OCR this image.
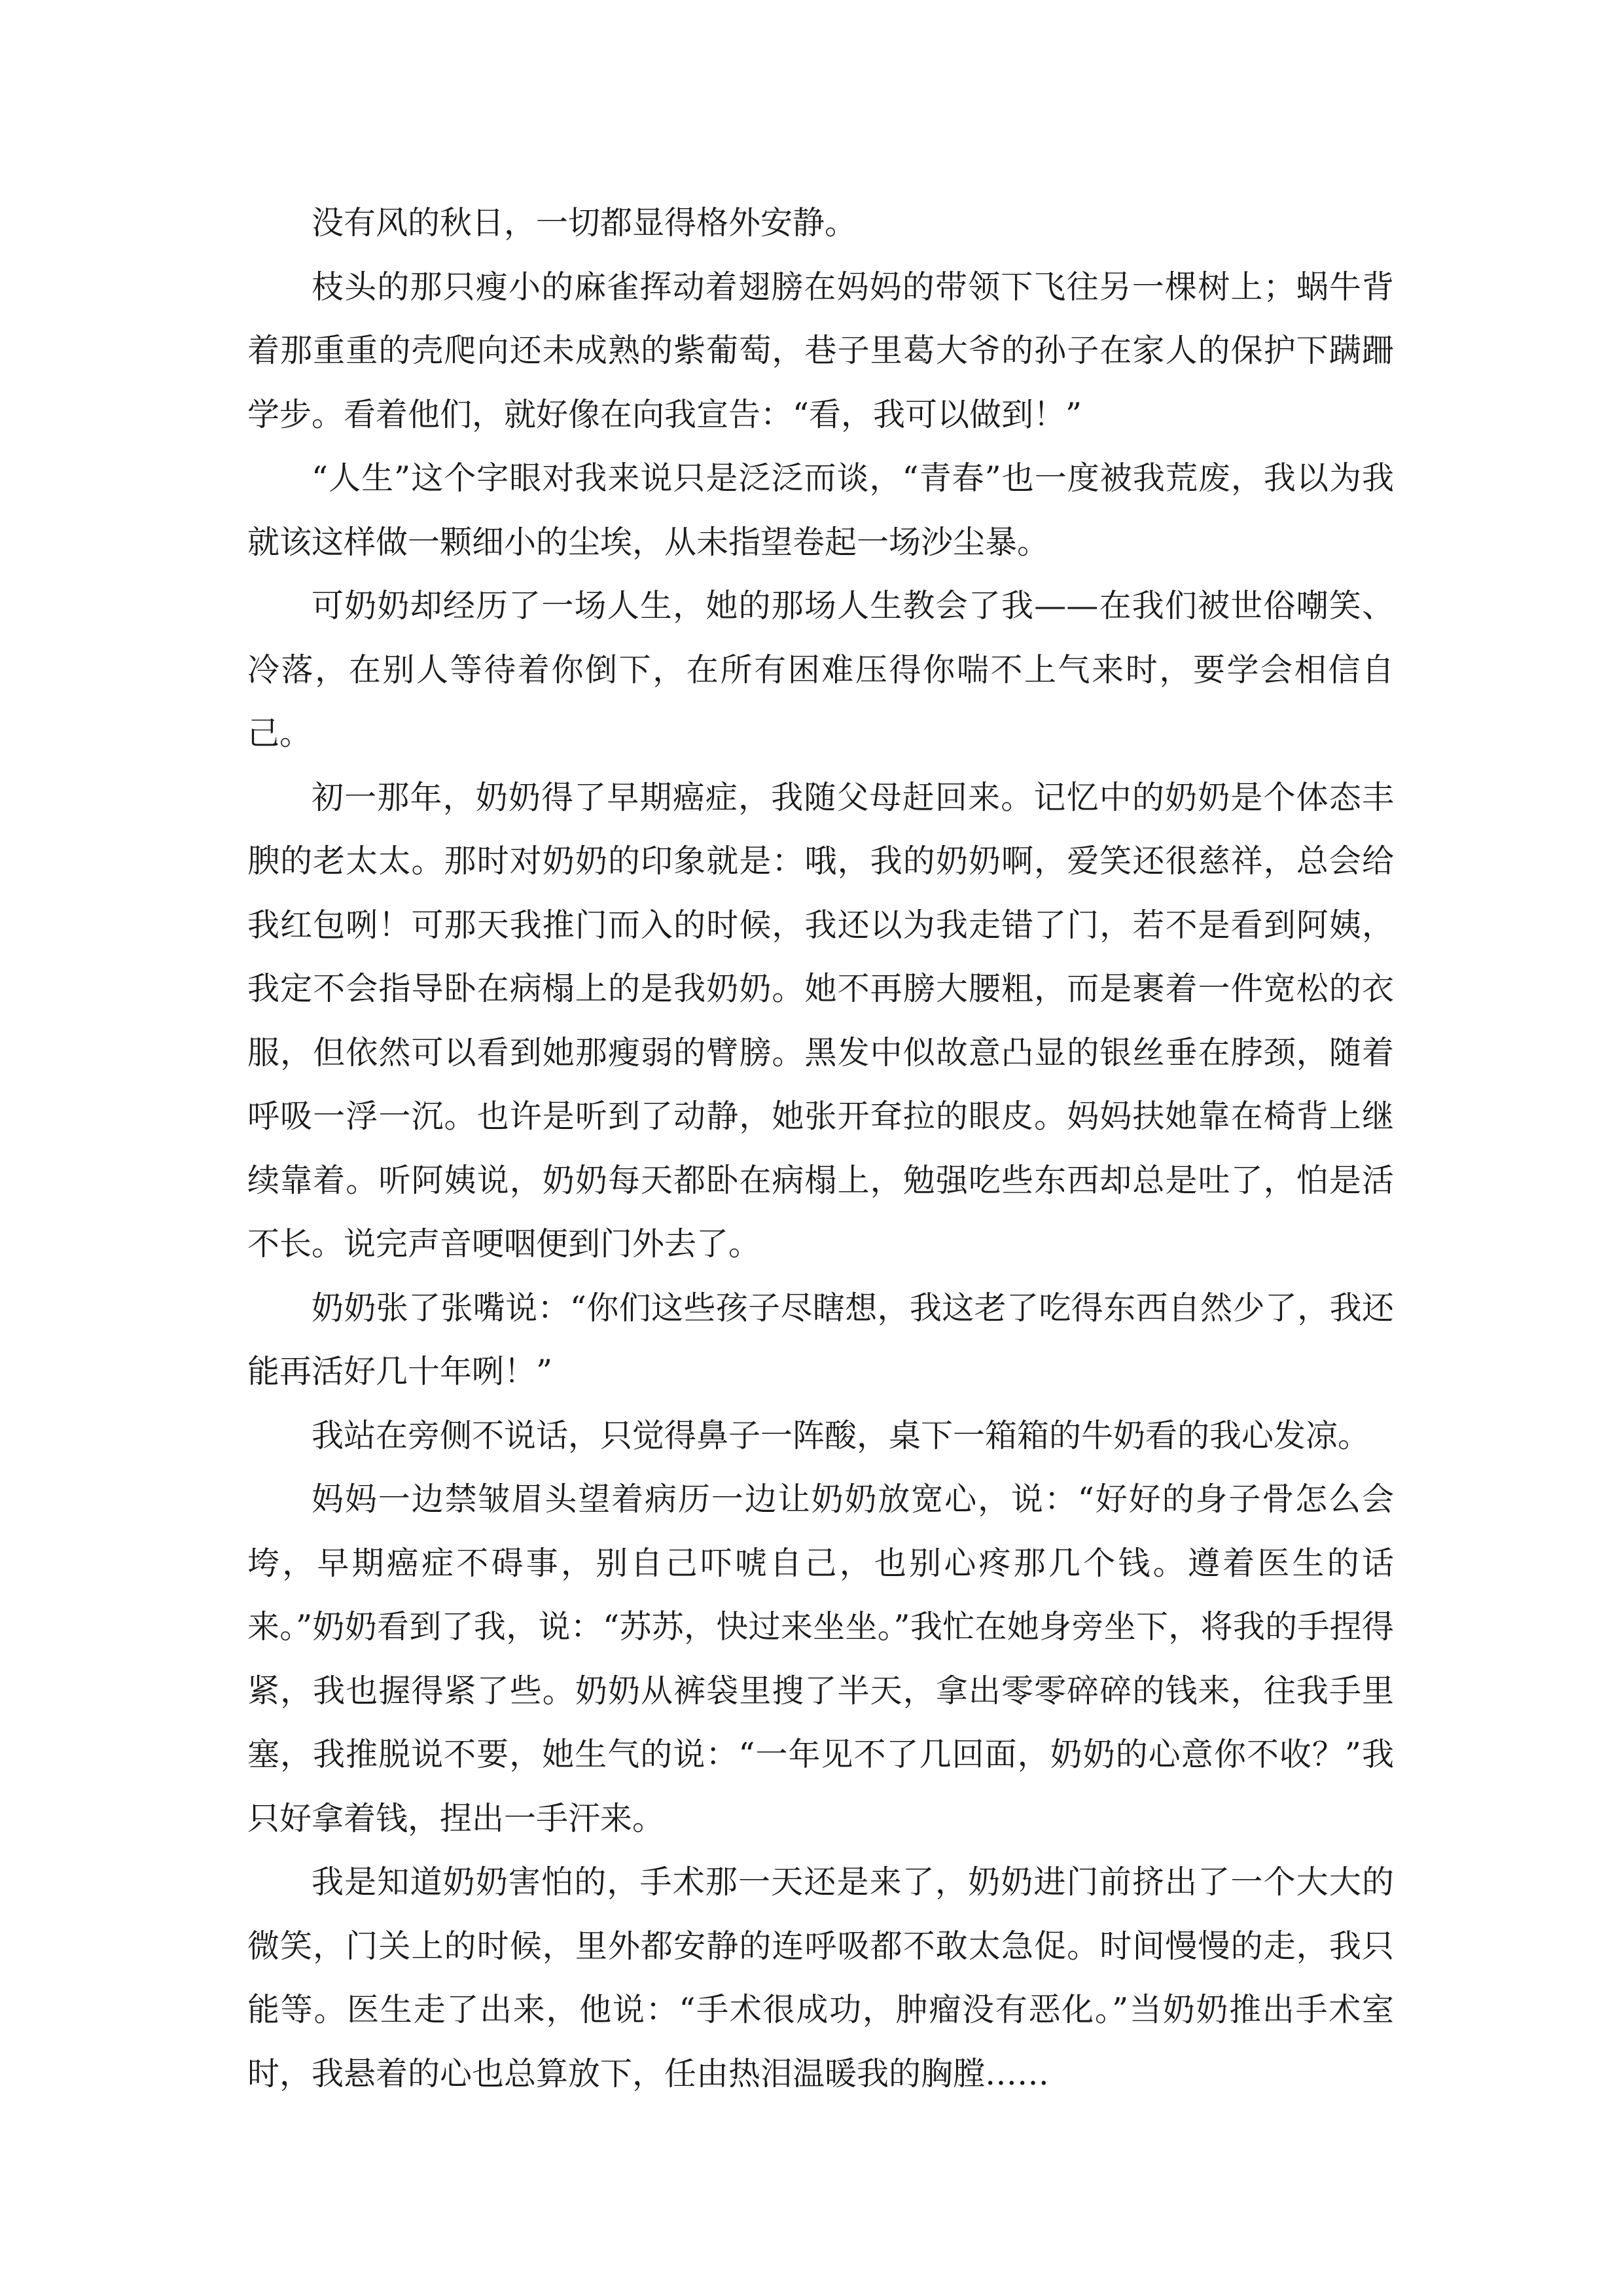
没有风的秋日，一切都显得格外安静。

枝头的那只瘦小的麻雀挥动着翅膀在妈妈的带领下飞往另一棵树上；蜗牛背着那重重的壳爬向还未成熟的紫葡萄，巷子里葛大爷的孙子在家人的保护下蹒跚学步。看着他们，就好像在向我宣告：“看，我可以做到！”

“人生”这个字眼对我来说只是泛泛而谈，“青春”也一度被我荒废，我以为我就该这样做一颗细小的尘埃，从未指望卷起一场沙尘暴。

可奶奶却经历了一场人生，她的那场人生教会了我——在我们被世俗嘲笑、冷落，在别人等待着你倒下，在所有困难压得你喘不上气来时，要学会相信自己。

初一那年，奶奶得了早期癌症，我随父母赶回来。记忆中的奶奶是个体态丰腴的老太太。那时对奶奶的印象就是：哦，我的奶奶啊，爱笑还很慈祥，总会给我红包咧！可那天我推门而入的时候，我还以为我走错了门，若不是看到阿姨，我定不会指导卧在病榻上的是我奶奶。她不再膀大腰粗，而是裹着一件宽松的衣服，但依然可以看到她那瘦弱的臂膀。黑发中似故意凸显的银丝垂在脖颈，随着呼吸一浮一沉。也许是听到了动静，她张开耷拉的眼皮。妈妈扶她靠在椅背上继续靠着。听阿姨说，奶奶每天都卧在病榻上，勉强吃些东西却总是吐了，怕是活不长。说完声音哽咽便到门外去了。

奶奶张了张嘴说：“你们这些孩子尽瞎想，我这老了吃得东西自然少了，我还能再活好几十年咧！”

我站在旁侧不说话，只觉得鼻子一阵酸，桌下一箱箱的牛奶看的我心发凉。

妈妈一边禁皱眉头望着病历一边让奶奶放宽心，说：“好好的身子骨怎么会垮，早期癌症不碍事，别自己吓唬自己，也别心疼那几个钱。遵着医生的话来。”奶奶看到了我，说：“苏苏，快过来坐坐。”我忙在她身旁坐下，将我的手捏得紧，我也握得紧了些。奶奶从裤袋里搜了半天，拿出零零碎碎的钱来，往我手里塞，我推脱说不要，她生气的说：“一年见不了几回面，奶奶的心意你不收？”我只好拿着钱，捏出一手汗来。

我是知道奶奶害怕的，手术那一天还是来了，奶奶进门前挤出了一个大大的微笑，门关上的时候，里外都安静的连呼吸都不敢太急促。时间慢慢的走，我只能等。医生走了出来，他说：“手术很成功，肿瘤没有恶化。”当奶奶推出手术室时，我悬着的心也总算放下，任由热泪温暖我的胸膛……
